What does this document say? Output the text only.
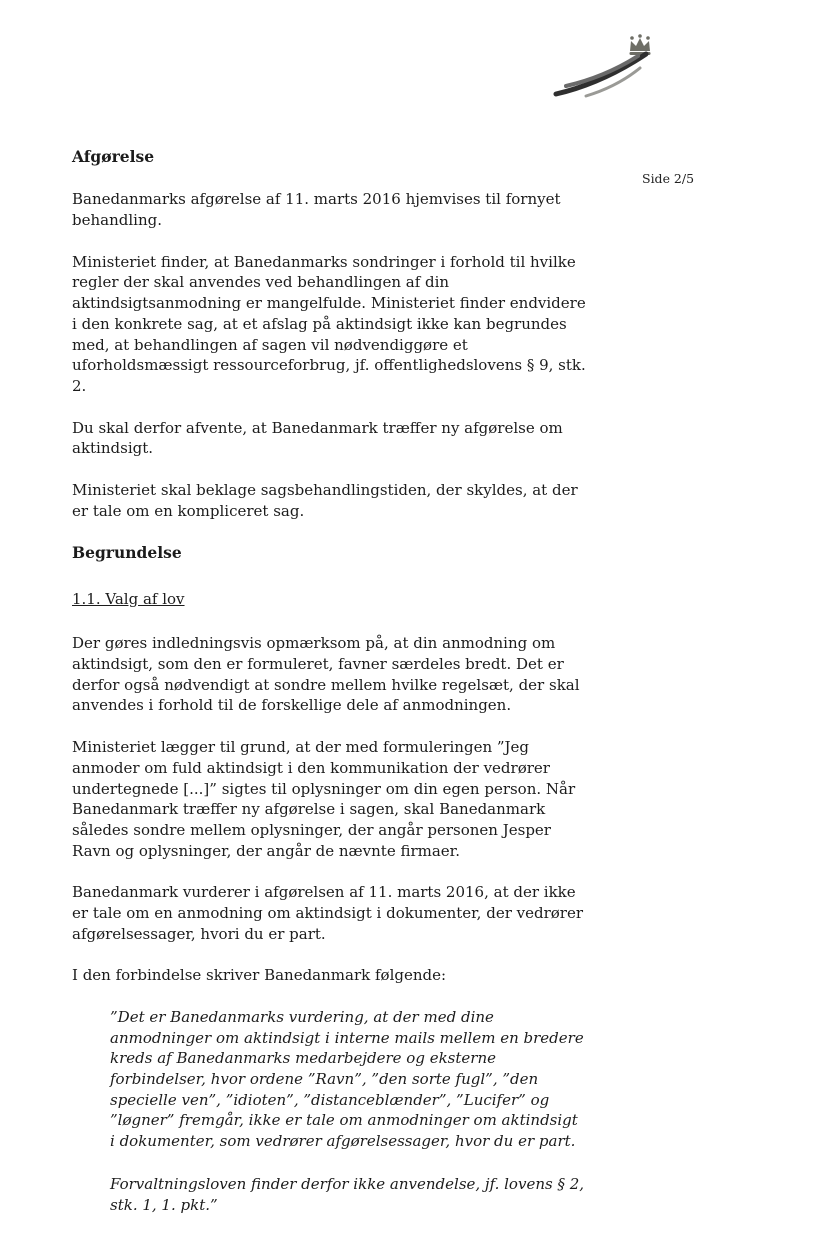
Side 2/5
Afgørelse

Banedanmarks afgørelse af 11. marts 2016 hjemvises til fornyet behandling.

Ministeriet finder, at Banedanmarks sondringer i forhold til hvilke regler der skal anvendes ved behandlingen af din aktindsigtsanmodning er mangelfulde. Ministeriet finder endvidere i den konkrete sag, at et afslag på aktindsigt ikke kan begrundes med, at behandlingen af sagen vil nødvendiggøre et uforholdsmæssigt ressourceforbrug, jf. offentlighedslovens § 9, stk. 2.

Du skal derfor afvente, at Banedanmark træffer ny afgørelse om aktindsigt.

Ministeriet skal beklage sagsbehandlingstiden, der skyldes, at der er tale om en kompliceret sag.

Begrundelse
1.1. Valg af lov

Der gøres indledningsvis opmærksom på, at din anmodning om aktindsigt, som den er formuleret, favner særdeles bredt. Det er derfor også nødvendigt at sondre mellem hvilke regelsæt, der skal anvendes i forhold til de forskellige dele af anmodningen.

Ministeriet lægger til grund, at der med formuleringen ”Jeg anmoder om fuld aktindsigt i den kommunikation der vedrører undertegnede [...]” sigtes til oplysninger om din egen person. Når Banedanmark træffer ny afgørelse i sagen, skal Banedanmark således sondre mellem oplysninger, der angår personen Jesper Ravn og oplysninger, der angår de nævnte firmaer.

Banedanmark vurderer i afgørelsen af 11. marts 2016, at der ikke er tale om en anmodning om aktindsigt i dokumenter, der vedrører afgørelsessager, hvori du er part.

I den forbindelse skriver Banedanmark følgende:

”Det er Banedanmarks vurdering, at der med dine anmodninger om aktindsigt i interne mails mellem en bredere kreds af Banedanmarks medarbejdere og eksterne forbindelser, hvor ordene ”Ravn”, ”den sorte fugl”, ”den specielle ven”, ”idioten”, ”distanceblænder”, ”Lucifer” og ”løgner” fremgår, ikke er tale om anmodninger om aktindsigt i dokumenter, som vedrører afgørelsessager, hvor du er part.

Forvaltningsloven finder derfor ikke anvendelse, jf. lovens § 2, stk. 1, 1. pkt.”
